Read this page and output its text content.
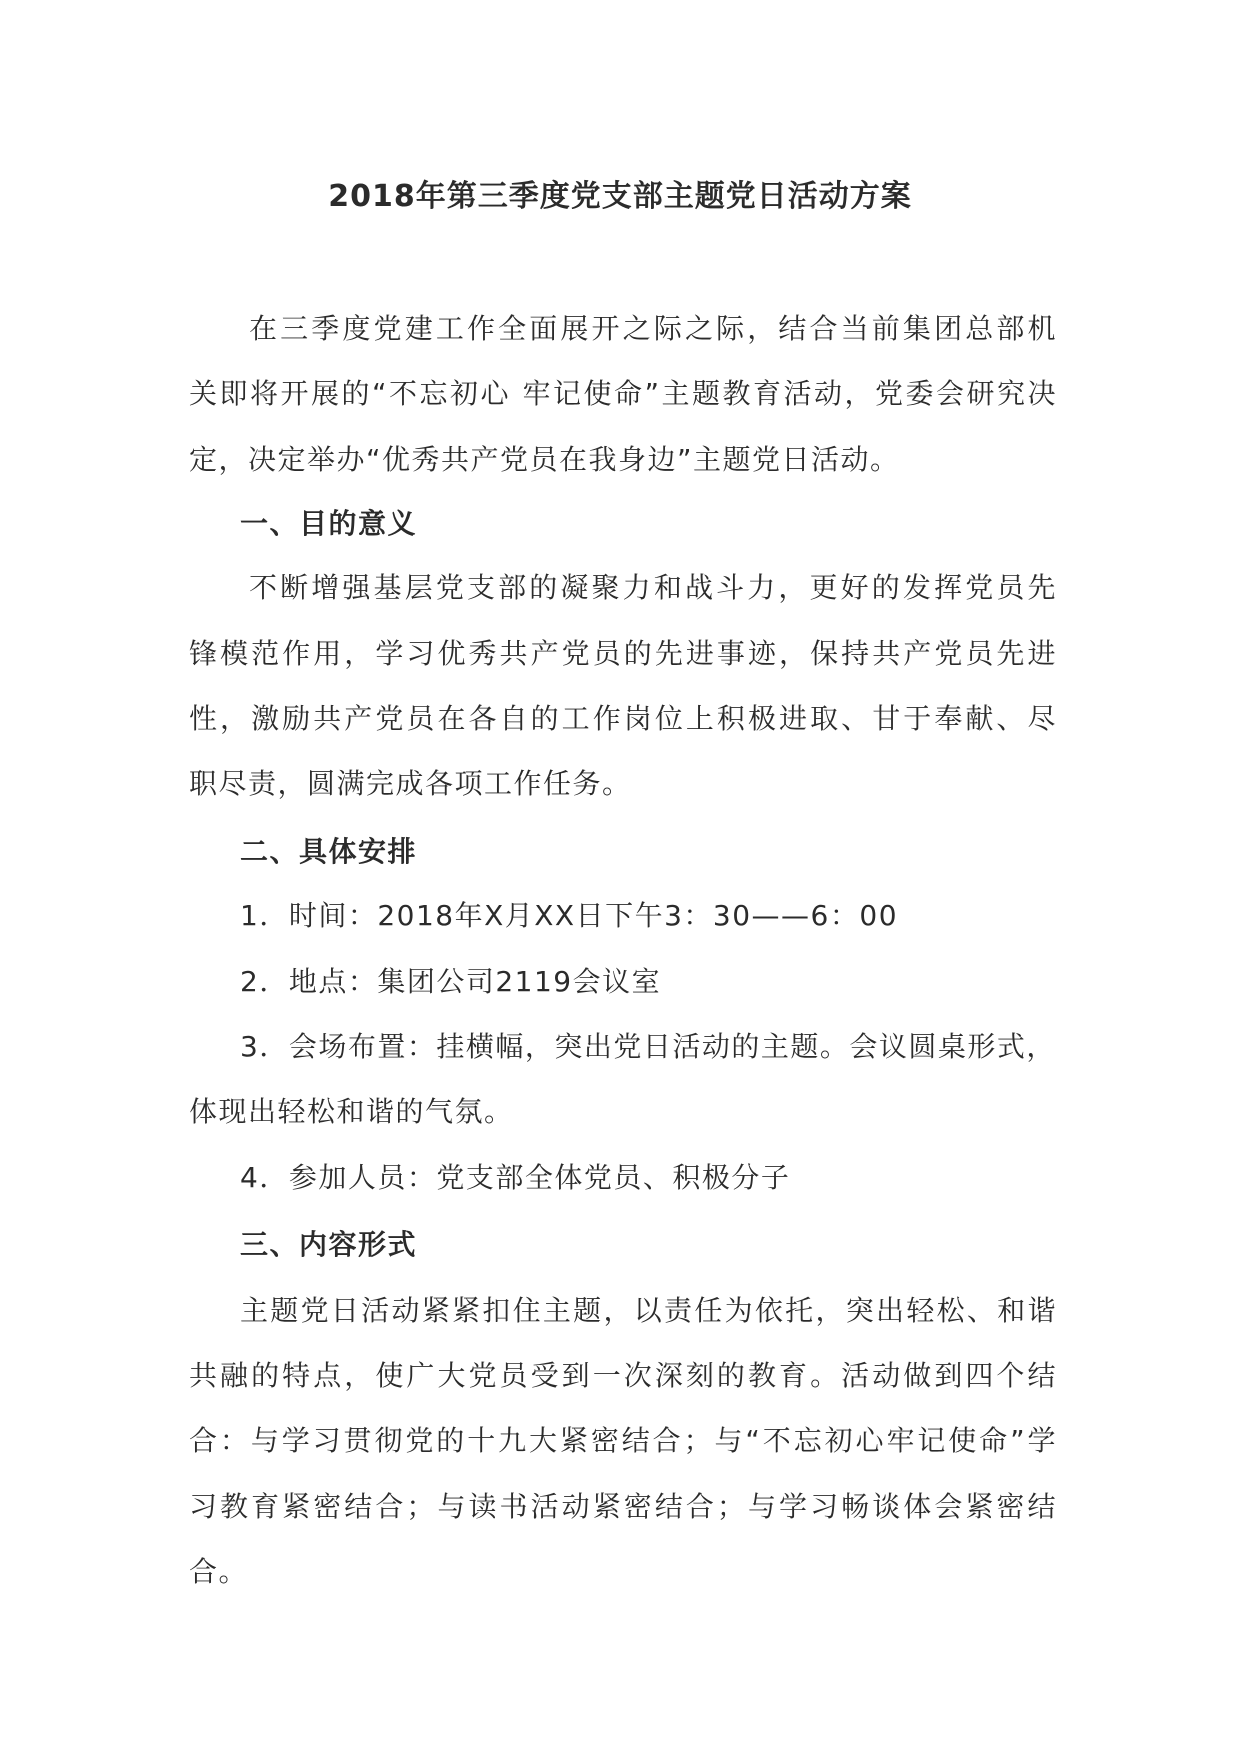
2018年第三季度党支部主题党日活动方案
在三季度党建工作全面展开之际之际，结合当前集团总部机
关即将开展的“不忘初心 牢记使命”主题教育活动，党委会研究决
定，决定举办“优秀共产党员在我身边”主题党日活动。
一、目的意义
不断增强基层党支部的凝聚力和战斗力，更好的发挥党员先
锋模范作用，学习优秀共产党员的先进事迹，保持共产党员先进
性，激励共产党员在各自的工作岗位上积极进取、甘于奉献、尽
职尽责，圆满完成各项工作任务。
二、具体安排
1．时间：2018年X月XX日下午3：30——6：00
2．地点：集团公司2119会议室
3．会场布置：挂横幅，突出党日活动的主题。会议圆桌形式，
体现出轻松和谐的气氛。
4．参加人员：党支部全体党员、积极分子
三、内容形式
主题党日活动紧紧扣住主题，以责任为依托，突出轻松、和谐
共融的特点，使广大党员受到一次深刻的教育。活动做到四个结
合：与学习贯彻党的十九大紧密结合；与“不忘初心牢记使命”学
习教育紧密结合；与读书活动紧密结合；与学习畅谈体会紧密结
合。
